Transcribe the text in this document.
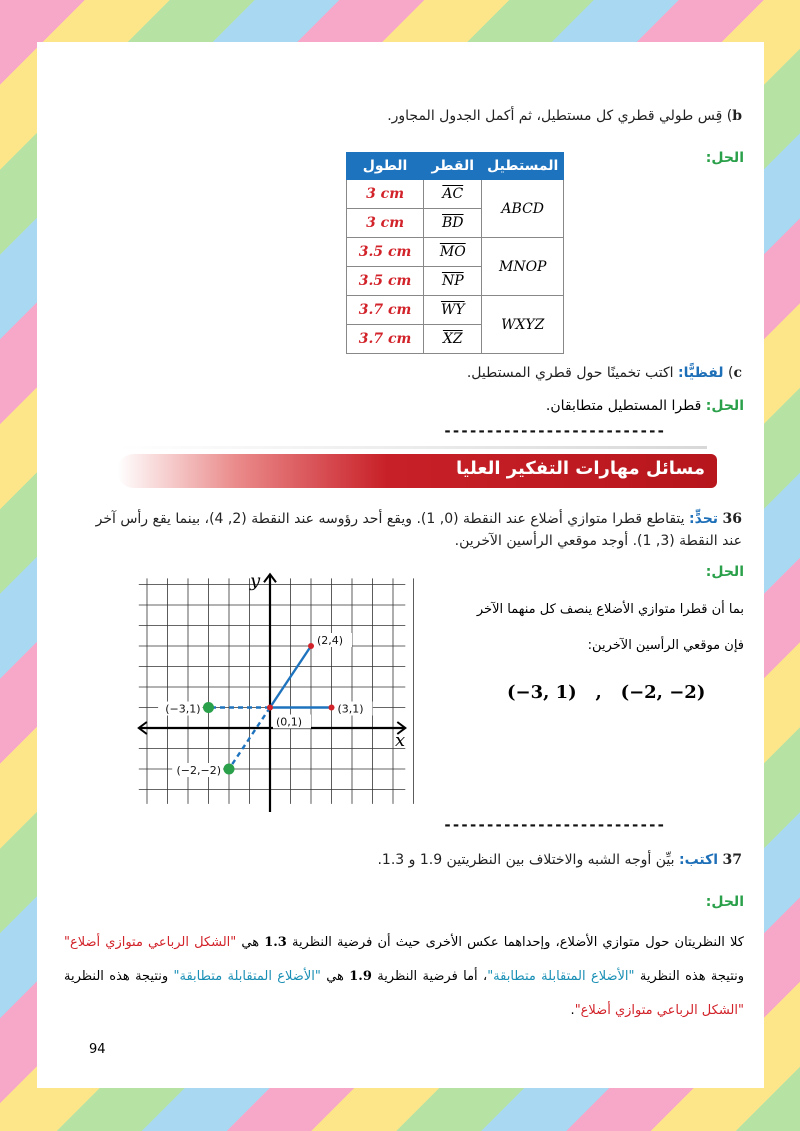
b) قِس طولي قطري كل مستطيل، ثم أكمل الجدول المجاور.
الحل:
المستطيل	القطر	الطول
ABCD	AC	3 cm
	BD	3 cm
MNOP	MO	3.5 cm
	NP	3.5 cm
WXYZ	WY	3.7 cm
	XZ	3.7 cm
c) لفظيًّا: اكتب تخمينًا حول قطري المستطيل.
الحل: قطرا المستطيل متطابقان.
--------------------------
مسائل مهارات التفكير العليا
36 تحدٍّ: يتقاطع قطرا متوازي أضلاع عند النقطة (0, 1). ويقع أحد رؤوسه عند النقطة (2, 4)، بينما يقع رأس آخر عند النقطة (3, 1). أوجد موقعي الرأسين الآخرين.
الحل:
بما أن قطرا متوازي الأضلاع ينصف كل منهما الآخر
فإن موقعي الرأسين الآخرين:
(−3, 1)   ,   (−2, −2)
(2,4)
(3,1)
(0,1)
(−3,1)
(−2,−2)
x
y
--------------------------
37 اكتب: بيِّن أوجه الشبه والاختلاف بين النظريتين 1.9 و 1.3.
الحل:
كلا النظريتان حول متوازي الأضلاع، وإحداهما عكس الأخرى حيث أن فرضية النظرية 1.3 هي "الشكل الرباعي متوازي أضلاع" ونتيجة هذه النظرية "الأضلاع المتقابلة متطابقة"، أما فرضية النظرية 1.9 هي "الأضلاع المتقابلة متطابقة" ونتيجة هذه النظرية "الشكل الرباعي متوازي أضلاع".
94
